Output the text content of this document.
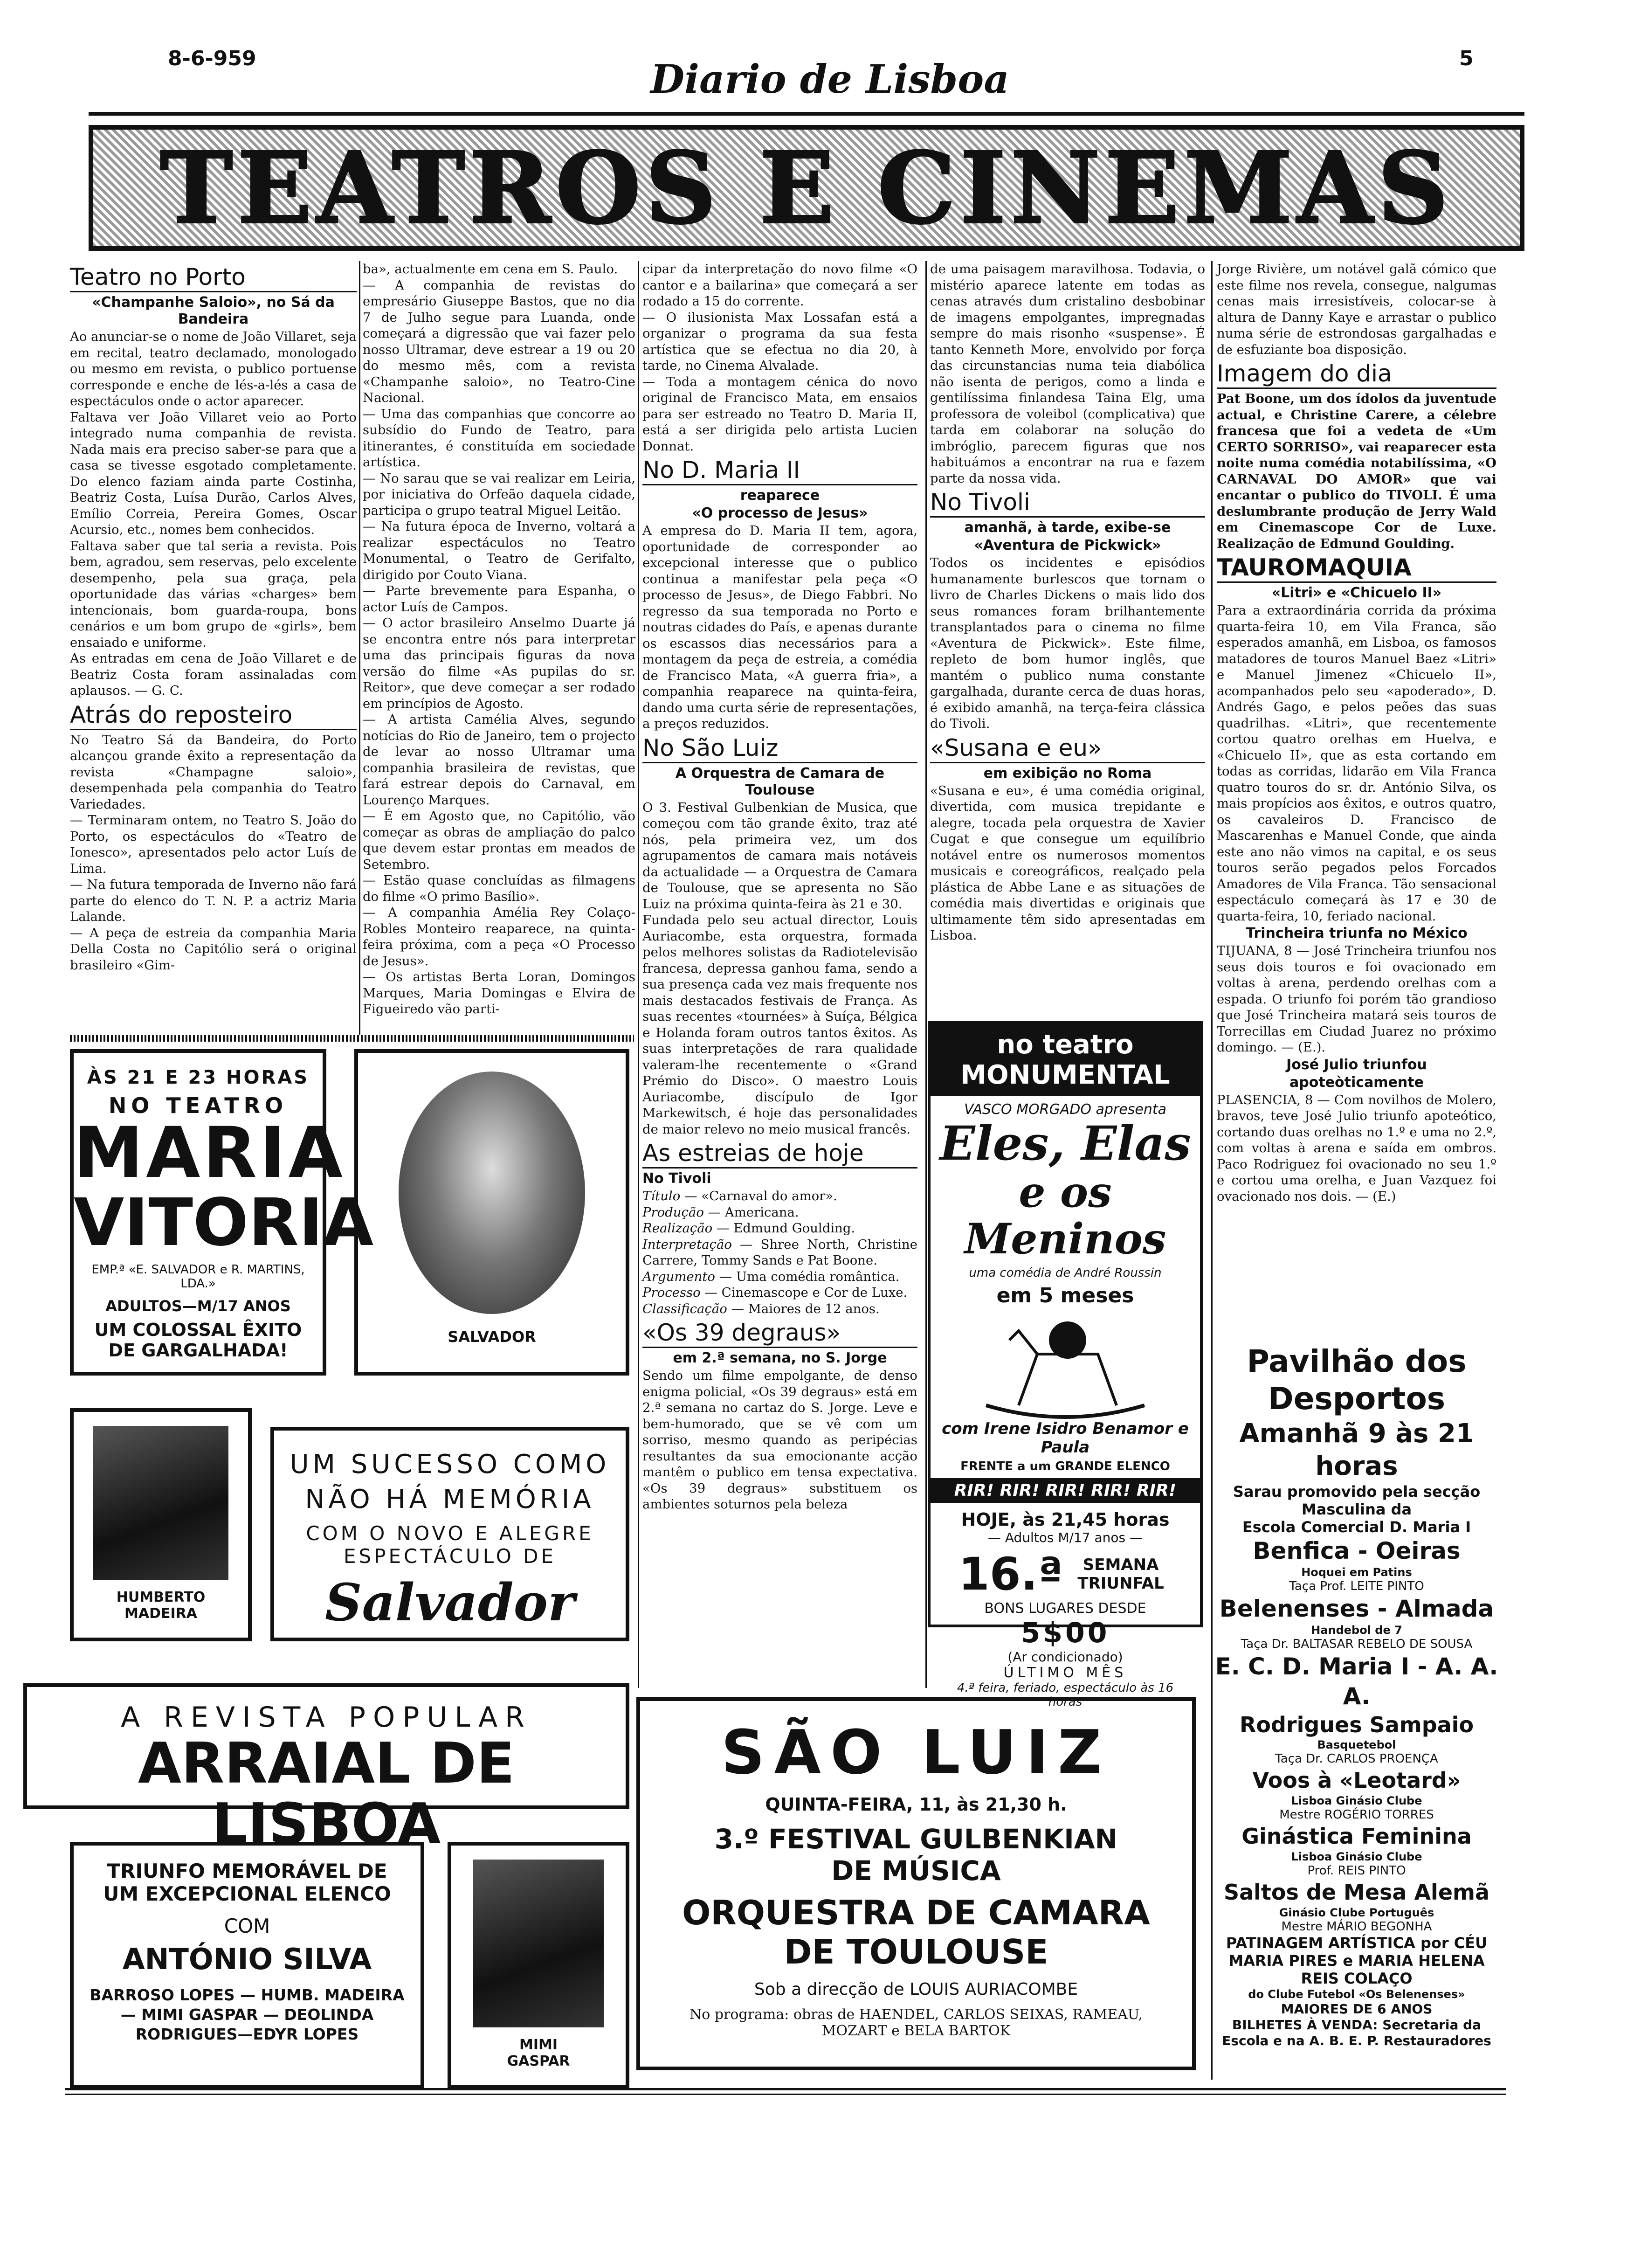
8-6-959	Diario de Lisboa	5
TEATROS E CINEMAS
Teatro no Porto
«Champanhe Saloio», no Sá da Bandeira

Ao anunciar-se o nome de João Villaret, seja em recital, teatro declamado, monologado ou mesmo em revista, o publico portuense corresponde e enche de lés-a-lés a casa de espectáculos onde o actor aparecer.

Faltava ver João Villaret veio ao Porto integrado numa companhia de revista. Nada mais era preciso saber-se para que a casa se tivesse esgotado completamente. Do elenco faziam ainda parte Costinha, Beatriz Costa, Luísa Durão, Carlos Alves, Emílio Correia, Pereira Gomes, Oscar Acursio, etc., nomes bem conhecidos.

Faltava saber que tal seria a revista. Pois bem, agradou, sem reservas, pelo excelente desempenho, pela sua graça, pela oportunidade das várias «charges» bem intencionais, bom guarda-roupa, bons cenários e um bom grupo de «girls», bem ensaiado e uniforme.

As entradas em cena de João Villaret e de Beatriz Costa foram assinaladas com aplausos. — G. C.

Atrás do reposteiro

No Teatro Sá da Bandeira, do Porto alcançou grande êxito a representação da revista «Champagne saloio», desempenhada pela companhia do Teatro Variedades.

— Terminaram ontem, no Teatro S. João do Porto, os espectáculos do «Teatro de Ionesco», apresentados pelo actor Luís de Lima.

— Na futura temporada de Inverno não fará parte do elenco do T. N. P. a actriz Maria Lalande.

— A peça de estreia da companhia Maria Della Costa no Capitólio será o original brasileiro «Gim-

ba», actualmente em cena em S. Paulo.

— A companhia de revistas do empresário Giuseppe Bastos, que no dia 7 de Julho segue para Luanda, onde começará a digressão que vai fazer pelo nosso Ultramar, deve estrear a 19 ou 20 do mesmo mês, com a revista «Champanhe saloio», no Teatro-Cine Nacional.

— Uma das companhias que concorre ao subsídio do Fundo de Teatro, para itinerantes, é constituída em sociedade artística.

— No sarau que se vai realizar em Leiria, por iniciativa do Orfeão daquela cidade, participa o grupo teatral Miguel Leitão.

— Na futura época de Inverno, voltará a realizar espectáculos no Teatro Monumental, o Teatro de Gerifalto, dirigido por Couto Viana.

— Parte brevemente para Espanha, o actor Luís de Campos.

— O actor brasileiro Anselmo Duarte já se encontra entre nós para interpretar uma das principais figuras da nova versão do filme «As pupilas do sr. Reitor», que deve começar a ser rodado em princípios de Agosto.

— A artista Camélia Alves, segundo notícias do Rio de Janeiro, tem o projecto de levar ao nosso Ultramar uma companhia brasileira de revistas, que fará estrear depois do Carnaval, em Lourenço Marques.

— É em Agosto que, no Capitólio, vão começar as obras de ampliação do palco que devem estar prontas em meados de Setembro.

— Estão quase concluídas as filmagens do filme «O primo Basílio».

— A companhia Amélia Rey Colaço-Robles Monteiro reaparece, na quinta-feira próxima, com a peça «O Processo de Jesus».

— Os artistas Berta Loran, Domingos Marques, Maria Domingas e Elvira de Figueiredo vão parti-

cipar da interpretação do novo filme «O cantor e a bailarina» que começará a ser rodado a 15 do corrente.

— O ilusionista Max Lossafan está a organizar o programa da sua festa artística que se efectua no dia 20, à tarde, no Cinema Alvalade.

— Toda a montagem cénica do novo original de Francisco Mata, em ensaios para ser estreado no Teatro D. Maria II, está a ser dirigida pelo artista Lucien Donnat.

No D. Maria II
reaparece
«O processo de Jesus»

A empresa do D. Maria II tem, agora, oportunidade de corresponder ao excepcional interesse que o publico continua a manifestar pela peça «O processo de Jesus», de Diego Fabbri. No regresso da sua temporada no Porto e noutras cidades do País, e apenas durante os escassos dias necessários para a montagem da peça de estreia, a comédia de Francisco Mata, «A guerra fria», a companhia reaparece na quinta-feira, dando uma curta série de representações, a preços reduzidos.

No São Luiz
A Orquestra de Camara de Toulouse

O 3. Festival Gulbenkian de Musica, que começou com tão grande êxito, traz até nós, pela primeira vez, um dos agrupamentos de camara mais notáveis da actualidade — a Orquestra de Camara de Toulouse, que se apresenta no São Luiz na próxima quinta-feira às 21 e 30.

Fundada pelo seu actual director, Louis Auriacombe, esta orquestra, formada pelos melhores solistas da Radiotelevisão francesa, depressa ganhou fama, sendo a sua presença cada vez mais frequente nos mais destacados festivais de França. As suas recentes «tournées» à Suíça, Bélgica e Holanda foram outros tantos êxitos. As suas interpretações de rara qualidade valeram-lhe recentemente o «Grand Prémio do Disco». O maestro Louis Auriacombe, discípulo de Igor Markewitsch, é hoje das personalidades de maior relevo no meio musical francês.

As estreias de hoje
No Tivoli

Título — «Carnaval do amor».

Produção — Americana.

Realização — Edmund Goulding.

Interpretação — Shree North, Christine Carrere, Tommy Sands e Pat Boone.

Argumento — Uma comédia romântica.

Processo — Cinemascope e Cor de Luxe.

Classificação — Maiores de 12 anos.

«Os 39 degraus»
em 2.ª semana, no S. Jorge

Sendo um filme empolgante, de denso enigma policial, «Os 39 degraus» está em 2.ª semana no cartaz do S. Jorge. Leve e bem-humorado, que se vê com um sorriso, mesmo quando as peripécias resultantes da sua emocionante acção mantêm o publico em tensa expectativa. «Os 39 degraus» substituem os ambientes soturnos pela beleza

de uma paisagem maravilhosa. Todavia, o mistério aparece latente em todas as cenas através dum cristalino desbobinar de imagens empolgantes, impregnadas sempre do mais risonho «suspense». É tanto Kenneth More, envolvido por força das circunstancias numa teia diabólica não isenta de perigos, como a linda e gentilíssima finlandesa Taina Elg, uma professora de voleibol (complicativa) que tarda em colaborar na solução do imbróglio, parecem figuras que nos habituámos a encontrar na rua e fazem parte da nossa vida.

No Tivoli
amanhã, à tarde, exibe-se
«Aventura de Pickwick»

Todos os incidentes e episódios humanamente burlescos que tornam o livro de Charles Dickens o mais lido dos seus romances foram brilhantemente transplantados para o cinema no filme «Aventura de Pickwick». Este filme, repleto de bom humor inglês, que mantém o publico numa constante gargalhada, durante cerca de duas horas, é exibido amanhã, na terça-feira clássica do Tivoli.

«Susana e eu»
em exibição no Roma

«Susana e eu», é uma comédia original, divertida, com musica trepidante e alegre, tocada pela orquestra de Xavier Cugat e que consegue um equilíbrio notável entre os numerosos momentos musicais e coreográficos, realçado pela plástica de Abbe Lane e as situações de comédia mais divertidas e originais que ultimamente têm sido apresentadas em Lisboa.

Jorge Rivière, um notável galã cómico que este filme nos revela, consegue, nalgumas cenas mais irresistíveis, colocar-se à altura de Danny Kaye e arrastar o publico numa série de estrondosas gargalhadas e de esfuziante boa disposição.

Imagem do dia

Pat Boone, um dos ídolos da juventude actual, e Christine Carere, a célebre francesa que foi a vedeta de «Um CERTO SORRISO», vai reaparecer esta noite numa comédia notabilíssima, «O CARNAVAL DO AMOR» que vai encantar o publico do TIVOLI. É uma deslumbrante produção de Jerry Wald em Cinemascope Cor de Luxe. Realização de Edmund Goulding.

TAUROMAQUIA
«Litri» e «Chicuelo II»

Para a extraordinária corrida da próxima quarta-feira 10, em Vila Franca, são esperados amanhã, em Lisboa, os famosos matadores de touros Manuel Baez «Litri» e Manuel Jimenez «Chicuelo II», acompanhados pelo seu «apoderado», D. Andrés Gago, e pelos peões das suas quadrilhas. «Litri», que recentemente cortou quatro orelhas em Huelva, e «Chicuelo II», que as esta cortando em todas as corridas, lidarão em Vila Franca quatro touros do sr. dr. António Silva, os mais propícios aos êxitos, e outros quatro, os cavaleiros D. Francisco de Mascarenhas e Manuel Conde, que ainda este ano não vimos na capital, e os seus touros serão pegados pelos Forcados Amadores de Vila Franca. Tão sensacional espectáculo começará às 17 e 30 de quarta-feira, 10, feriado nacional.

Trincheira triunfa no México

TIJUANA, 8 — José Trincheira triunfou nos seus dois touros e foi ovacionado em voltas à arena, perdendo orelhas com a espada. O triunfo foi porém tão grandioso que José Trincheira matará seis touros de Torrecillas em Ciudad Juarez no próximo domingo. — (E.).

José Julio triunfou
apoteòticamente

PLASENCIA, 8 — Com novilhos de Molero, bravos, teve José Julio triunfo apoteótico, cortando duas orelhas no 1.º e uma no 2.º, com voltas à arena e saída em ombros. Paco Rodriguez foi ovacionado no seu 1.º e cortou uma orelha, e Juan Vazquez foi ovacionado nos dois. — (E.)

ÀS 21 E 23 HORAS
NO TEATRO
MARIA
VITORIA
EMP.ª «E. SALVADOR e R. MARTINS, LDA.»
ADULTOS—M/17 ANOS
UM COLOSSAL ÊXITO DE GARGALHADA!
SALVADOR
HUMBERTO
MADEIRA
UM SUCESSO COMO
NÃO HÁ MEMÓRIA
COM O NOVO E ALEGRE
ESPECTÁCULO DE
Salvador
A REVISTA POPULAR
ARRAIAL DE LISBOA
TRIUNFO MEMORÁVEL DE
UM EXCEPCIONAL ELENCO
COM
ANTÓNIO SILVA
BARROSO LOPES — HUMB. MADEIRA — MIMI GASPAR — DEOLINDA RODRIGUES—EDYR LOPES
MIMI
GASPAR
no teatro MONUMENTAL
VASCO MORGADO apresenta
Eles, Elas
e os Meninos
uma comédia de André Roussin
em 5 meses
com Irene Isidro Benamor e Paula
FRENTE a um GRANDE ELENCO
RIR! RIR! RIR! RIR! RIR!
HOJE, às 21,45 horas
— Adultos M/17 anos —
16.ª	SEMANA TRIUNFAL
BONS LUGARES DESDE
5$00
(Ar condicionado)
ÚLTIMO MÊS
4.ª feira, feriado, espectáculo às 16 horas
SÃO LUIZ
QUINTA-FEIRA, 11, às 21,30 h.
3.º FESTIVAL GULBENKIAN
DE MÚSICA
ORQUESTRA DE CAMARA
DE TOULOUSE
Sob a direcção de LOUIS AURIACOMBE
No programa: obras de HAENDEL, CARLOS SEIXAS, RAMEAU,
MOZART e BELA BARTOK
Pavilhão dos Desportos
Amanhã 9 às 21 horas
Sarau promovido pela secção
Masculina da
Escola Comercial D. Maria I
Benfica - Oeiras
Hoquei em Patins
Taça Prof. LEITE PINTO
Belenenses - Almada
Handebol de 7
Taça Dr. BALTASAR REBELO DE SOUSA
E. C. D. Maria I - A. A. A.
Rodrigues Sampaio
Basquetebol
Taça Dr. CARLOS PROENÇA
Voos à «Leotard»
Lisboa Ginásio Clube
Mestre ROGÉRIO TORRES
Ginástica Feminina
Lisboa Ginásio Clube
Prof. REIS PINTO
Saltos de Mesa Alemã
Ginásio Clube Português
Mestre MÁRIO BEGONHA
PATINAGEM ARTÍSTICA por CÉU MARIA PIRES e MARIA HELENA REIS COLAÇO
do Clube Futebol «Os Belenenses»
MAIORES DE 6 ANOS
BILHETES À VENDA: Secretaria da Escola e na A. B. E. P. Restauradores
